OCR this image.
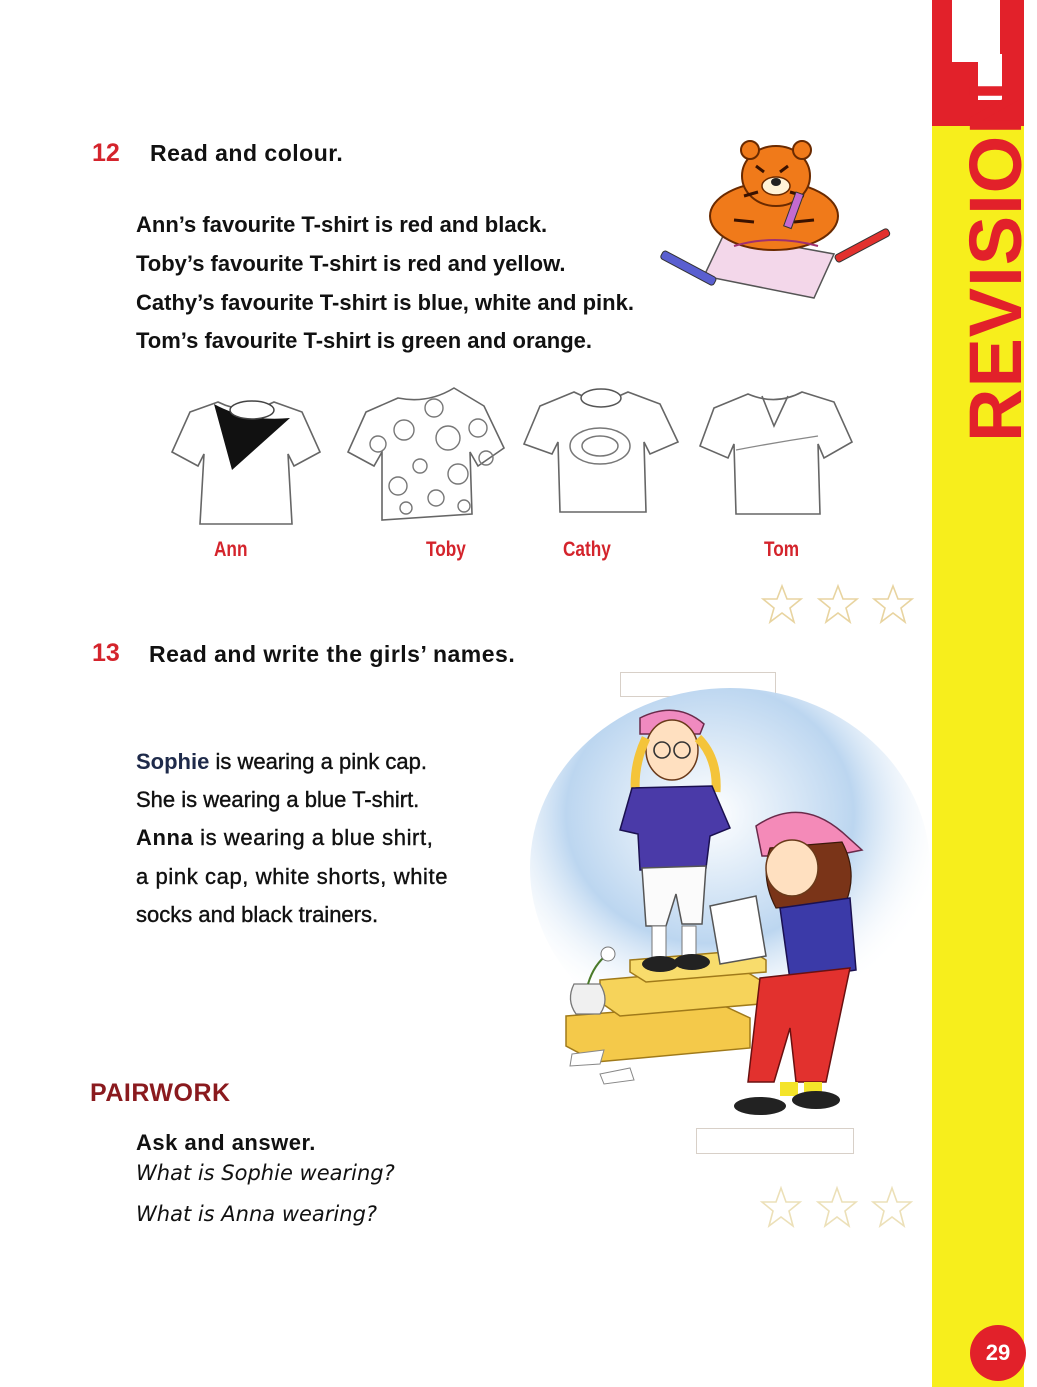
REVISION
29
12 Read and colour.
Ann’s favourite T-shirt is red and black.
Toby’s favourite T-shirt is red and yellow.
Cathy’s favourite T-shirt is blue, white and pink.
Tom’s favourite T-shirt is green and orange.
Ann	Toby	Cathy	Tom
13 Read and write the girls’ names.
Sophie is wearing a pink cap.
She is wearing a blue T-shirt.
Anna is wearing a blue shirt,
a pink cap, white shorts, white
socks and black trainers.
PAIRWORK
Ask and answer.
What is Sophie wearing?
What is Anna wearing?
